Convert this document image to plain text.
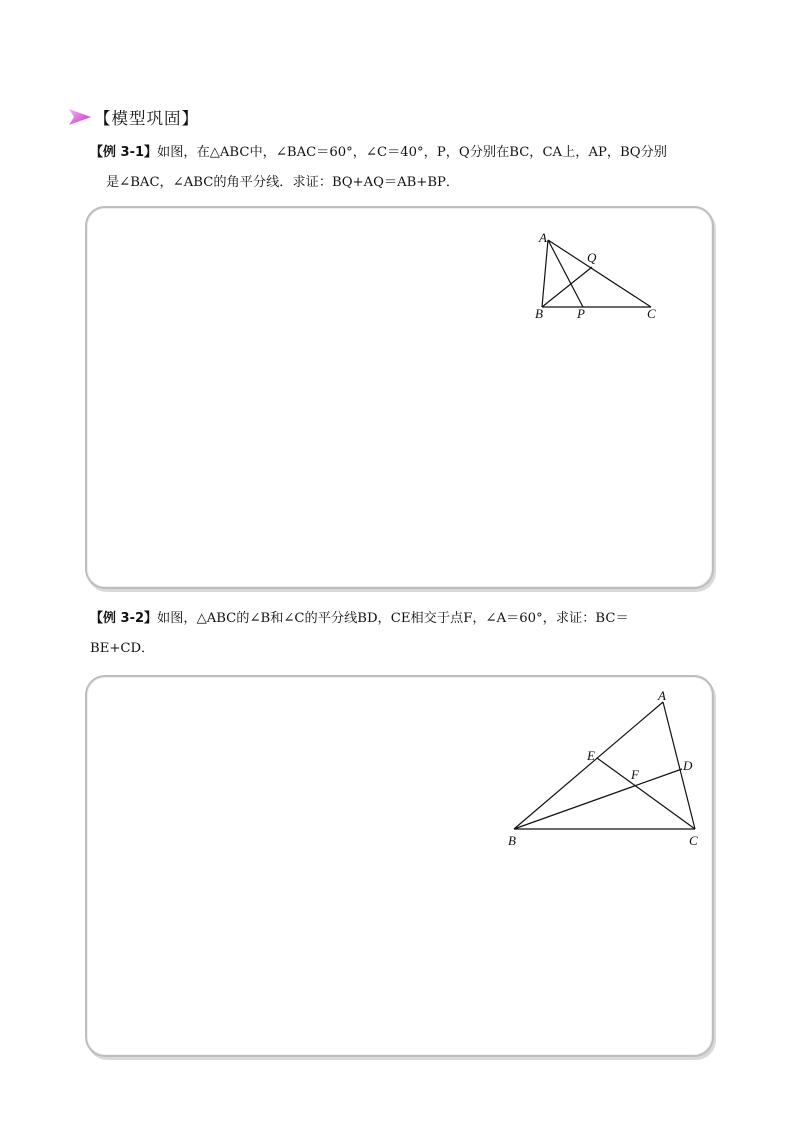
【模型巩固】
【例 3-1】如图，在△ABC中，∠BAC＝60°，∠C＝40°，P，Q分别在BC，CA上，AP，BQ分别
是∠BAC，∠ABC的角平分线．求证：BQ+AQ＝AB+BP．
A
Q
B	P	C
【例 3-2】如图，△ABC的∠B和∠C的平分线BD，CE相交于点F，∠A＝60°，求证：BC＝
BE+CD．
A
E
D
F
B	C
